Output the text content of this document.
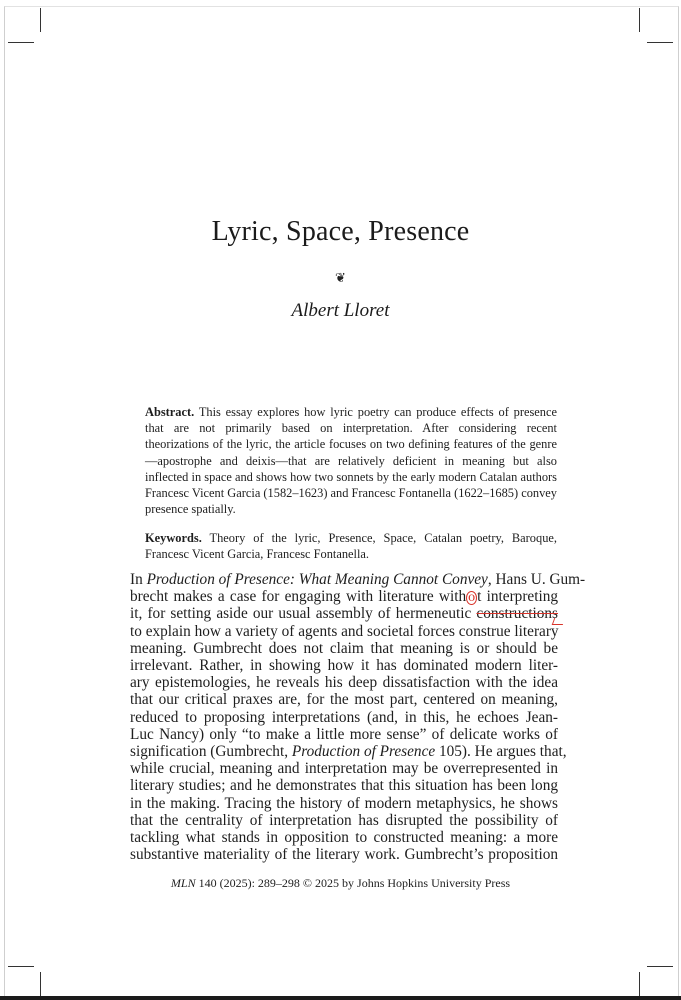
Lyric, Space, Presence
❦
Albert Lloret
Abstract. This essay explores how lyric poetry can produce effects of presence that are not primarily based on interpretation. After considering recent theorizations of the lyric, the article focuses on two defining features of the genre—apostrophe and deixis—that are relatively deficient in meaning but also inflected in space and shows how two sonnets by the early modern Catalan authors Francesc Vicent Garcia (1582–1623) and Francesc Fontanella (1622–1685) convey presence spatially.
Keywords. Theory of the lyric, Presence, Space, Catalan poetry, Baroque, Francesc Vicent Garcia, Francesc Fontanella.
In Production of Presence: What Meaning Cannot Convey, Hans U. Gum-
brecht makes a case for engaging with literature with o t interpreting
it, for setting aside our usual assembly of hermeneutic constructions
to explain how a variety of agents and societal forces construe literary
meaning. Gumbrecht does not claim that meaning is or should be
irrelevant. Rather, in showing how it has dominated modern liter-
ary epistemologies, he reveals his deep dissatisfaction with the idea
that our critical praxes are, for the most part, centered on meaning,
reduced to proposing interpretations (and, in this, he echoes Jean-
Luc Nancy) only “to make a little more sense” of delicate works of
signification (Gumbrecht, Production of Presence 105). He argues that,
while crucial, meaning and interpretation may be overrepresented in
literary studies; and he demonstrates that this situation has been long
in the making. Tracing the history of modern metaphysics, he shows
that the centrality of interpretation has disrupted the possibility of
tackling what stands in opposition to constructed meaning: a more
substantive materiality of the literary work. Gumbrecht’s proposition
MLN 140 (2025): 289–298 © 2025 by Johns Hopkins University Press
